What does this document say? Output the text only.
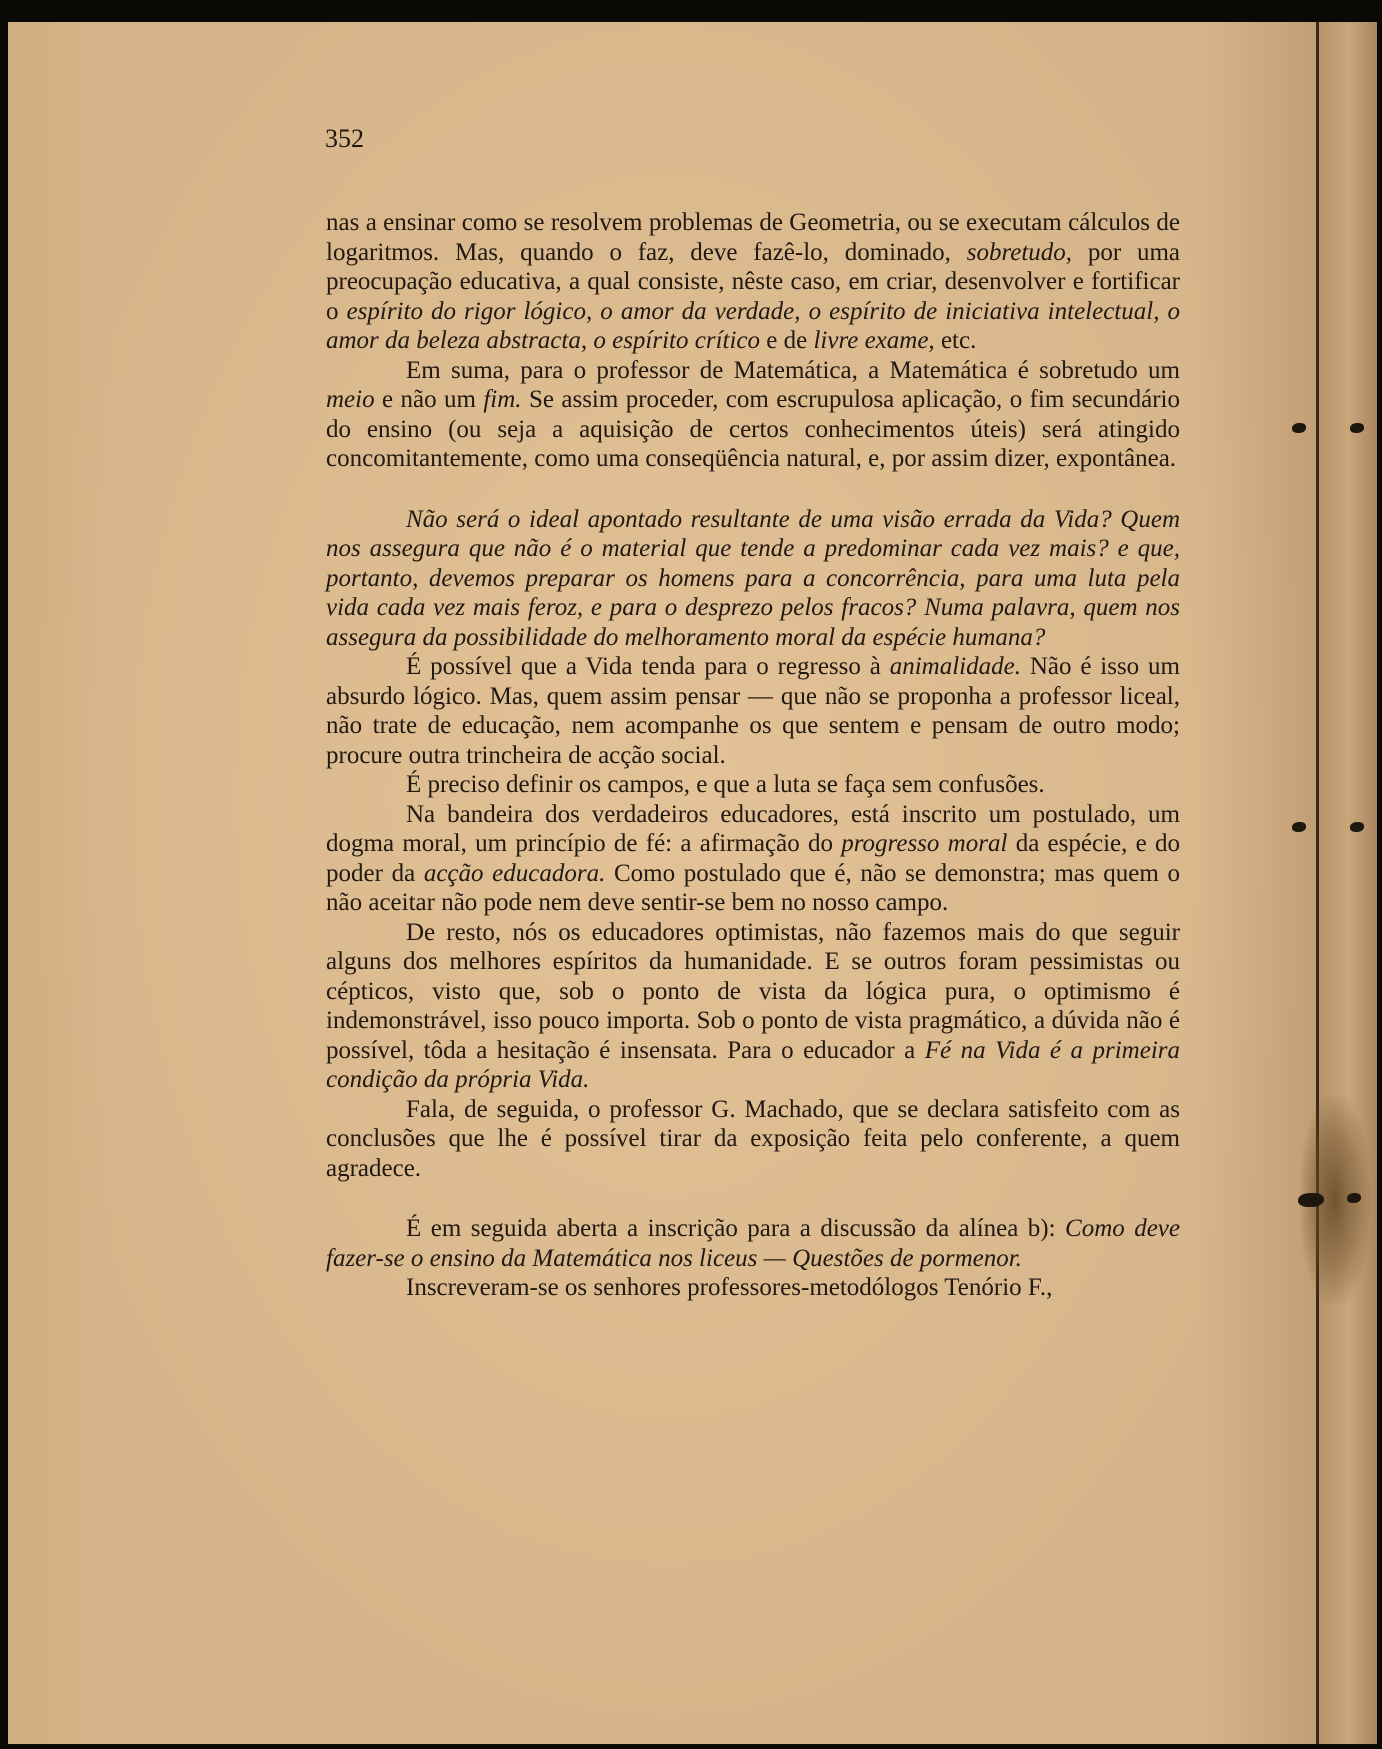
352

nas a ensinar como se resolvem problemas de Geometria, ou se executam cálculos de logaritmos. Mas, quando o faz, deve fazê-lo, dominado, sobretudo, por uma preocupação educativa, a qual consiste, nêste caso, em criar, desenvolver e fortificar o espírito do rigor lógico, o amor da verdade, o espírito de iniciativa intelectual, o amor da beleza abstracta, o espírito crítico e de livre exame, etc.

Em suma, para o professor de Matemática, a Matemática é sobretudo um meio e não um fim. Se assim proceder, com escrupulosa aplicação, o fim secundário do ensino (ou seja a aquisição de certos conhecimentos úteis) será atingido concomitantemente, como uma conseqüência natural, e, por assim dizer, expontânea.

Não será o ideal apontado resultante de uma visão errada da Vida? Quem nos assegura que não é o material que tende a predominar cada vez mais? e que, portanto, devemos preparar os homens para a concorrência, para uma luta pela vida cada vez mais feroz, e para o desprezo pelos fracos? Numa palavra, quem nos assegura da possibilidade do melhoramento moral da espécie humana?

É possível que a Vida tenda para o regresso à animalidade. Não é isso um absurdo lógico. Mas, quem assim pensar — que não se proponha a professor liceal, não trate de educação, nem acompanhe os que sentem e pensam de outro modo; procure outra trincheira de acção social.

É preciso definir os campos, e que a luta se faça sem confusões.

Na bandeira dos verdadeiros educadores, está inscrito um postulado, um dogma moral, um princípio de fé: a afirmação do progresso moral da espécie, e do poder da acção educadora. Como postulado que é, não se demonstra; mas quem o não aceitar não pode nem deve sentir-se bem no nosso campo.

De resto, nós os educadores optimistas, não fazemos mais do que seguir alguns dos melhores espíritos da humanidade. E se outros foram pessimistas ou cépticos, visto que, sob o ponto de vista da lógica pura, o optimismo é indemonstrável, isso pouco importa. Sob o ponto de vista pragmático, a dúvida não é possível, tôda a hesitação é insensata. Para o educador a Fé na Vida é a primeira condição da própria Vida.

Fala, de seguida, o professor G. Machado, que se declara satisfeito com as conclusões que lhe é possível tirar da exposição feita pelo conferente, a quem agradece.

É em seguida aberta a inscrição para a discussão da alínea b): Como deve fazer-se o ensino da Matemática nos liceus — Questões de pormenor.

Inscreveram-se os senhores professores-metodólogos Tenório F.,
